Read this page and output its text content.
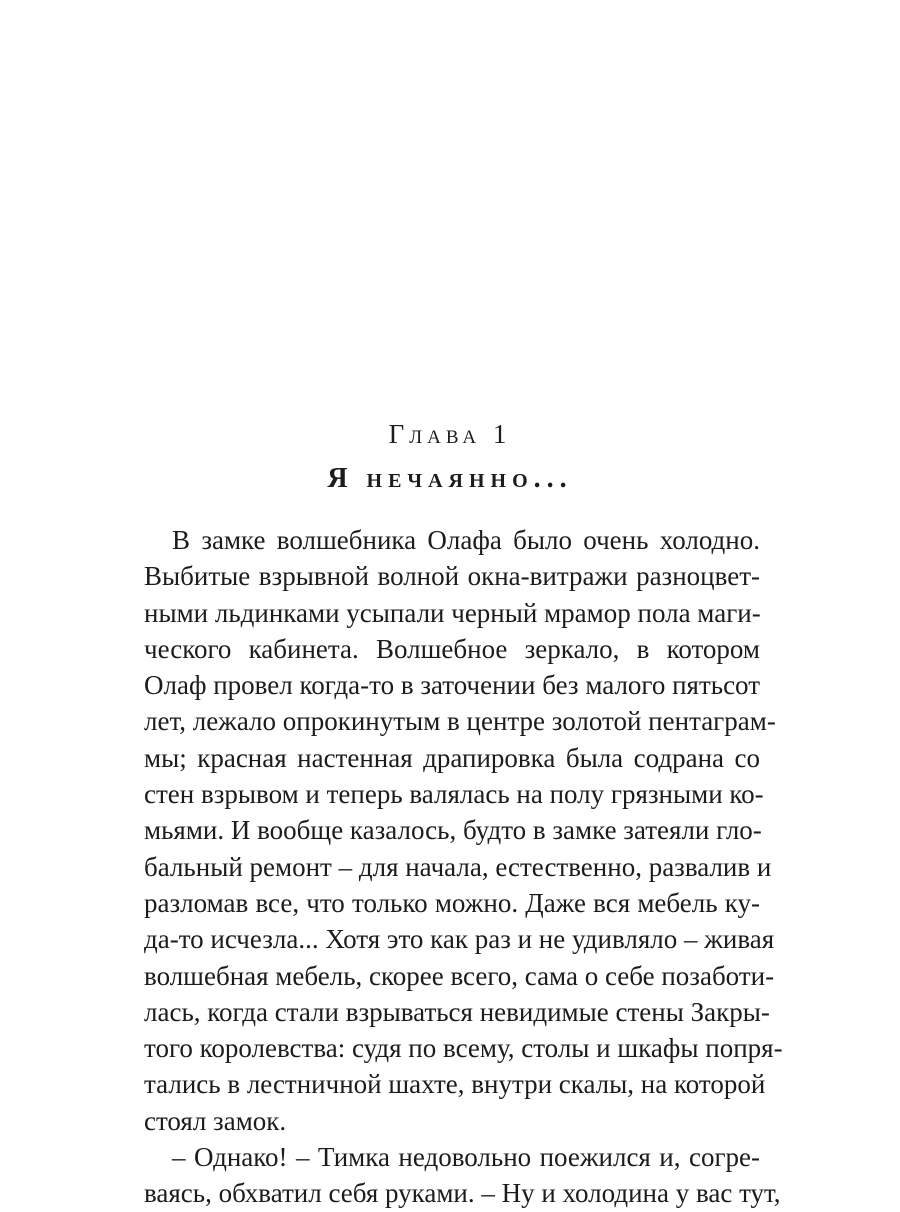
Глава 1
Я нечаянно...
В замке волшебника Олафа было очень холодно.
Выбитые взрывной волной окна-витражи разноцвет-
ными льдинками усыпали черный мрамор пола маги-
ческого кабинета. Волшебное зеркало, в котором
Олаф провел когда-то в заточении без малого пятьсот
лет, лежало опрокинутым в центре золотой пентаграм-
мы; красная настенная драпировка была содрана со
стен взрывом и теперь валялась на полу грязными ко-
мьями. И вообще казалось, будто в замке затеяли гло-
бальный ремонт – для начала, естественно, развалив и
разломав все, что только можно. Даже вся мебель ку-
да-то исчезла... Хотя это как раз и не удивляло – живая
волшебная мебель, скорее всего, сама о себе позаботи-
лась, когда стали взрываться невидимые стены Закры-
того королевства: судя по всему, столы и шкафы попря-
тались в лестничной шахте, внутри скалы, на которой
стоял замок.
– Однако! – Тимка недовольно поежился и, согре-
ваясь, обхватил себя руками. – Ну и холодина у вас тут,
